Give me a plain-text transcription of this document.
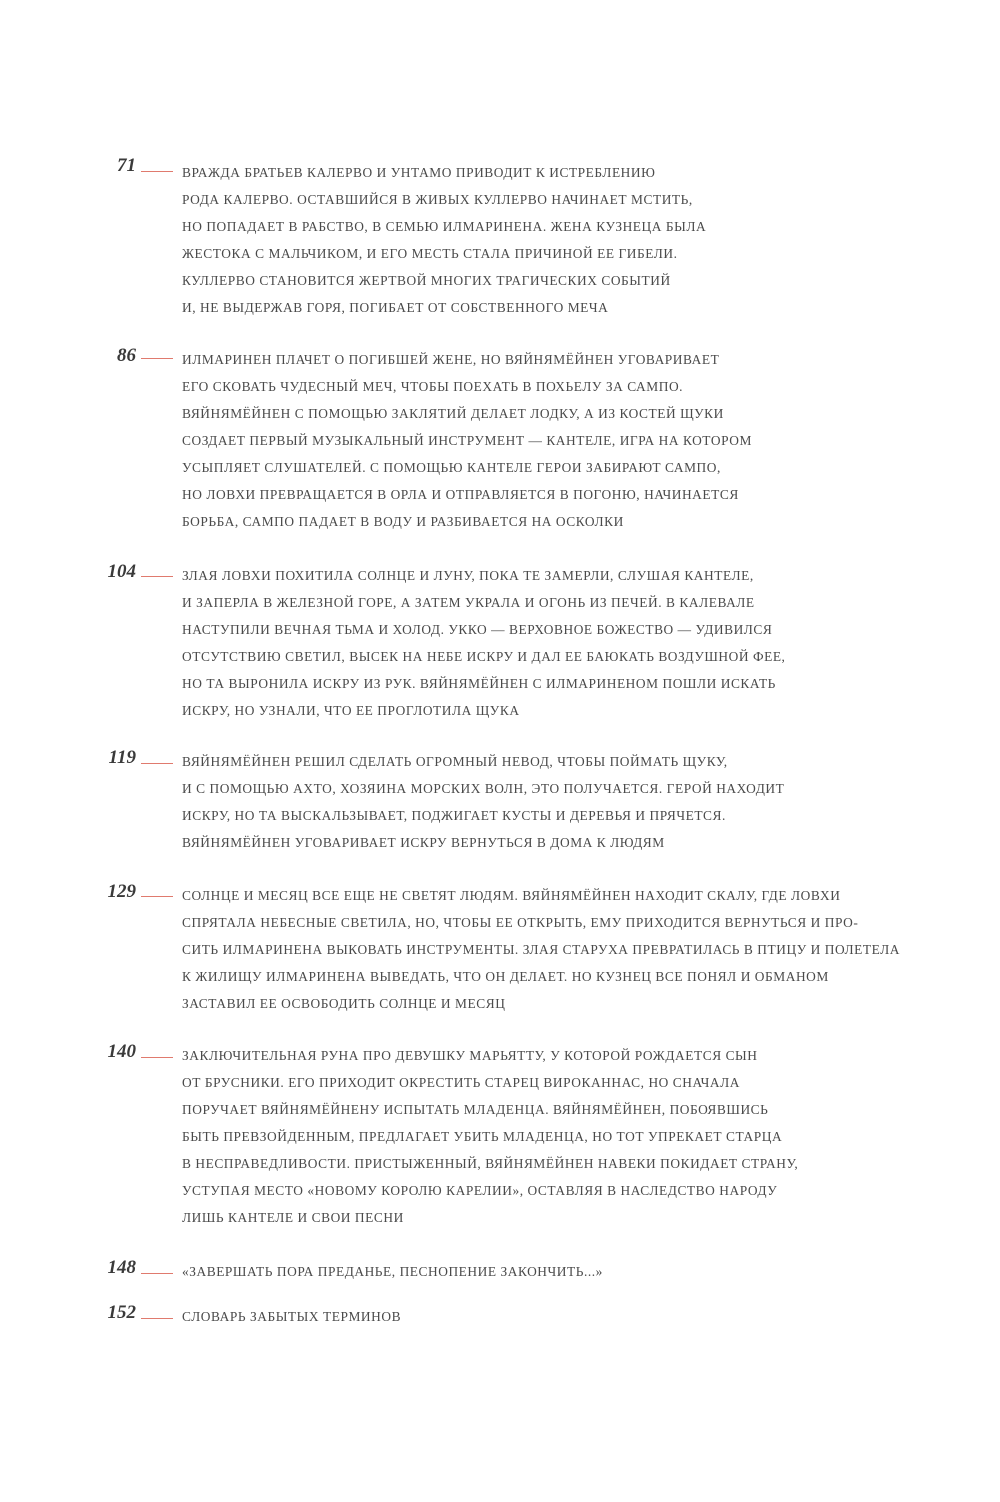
71	ВРАЖДА БРАТЬЕВ КАЛЕРВО И УНТАМО ПРИВОДИТ К ИСТРЕБЛЕНИЮ
РОДА КАЛЕРВО. ОСТАВШИЙСЯ В ЖИВЫХ КУЛЛЕРВО НАЧИНАЕТ МСТИТЬ,
НО ПОПАДАЕТ В РАБСТВО, В СЕМЬЮ ИЛМАРИНЕНА. ЖЕНА КУЗНЕЦА БЫЛА
ЖЕСТОКА С МАЛЬЧИКОМ, И ЕГО МЕСТЬ СТАЛА ПРИЧИНОЙ ЕЕ ГИБЕЛИ.
КУЛЛЕРВО СТАНОВИТСЯ ЖЕРТВОЙ МНОГИХ ТРАГИЧЕСКИХ СОБЫТИЙ
И, НЕ ВЫДЕРЖАВ ГОРЯ, ПОГИБАЕТ ОТ СОБСТВЕННОГО МЕЧА
86	ИЛМАРИНЕН ПЛАЧЕТ О ПОГИБШЕЙ ЖЕНЕ, НО ВЯЙНЯМЁЙНЕН УГОВАРИВАЕТ
ЕГО СКОВАТЬ ЧУДЕСНЫЙ МЕЧ, ЧТОБЫ ПОЕХАТЬ В ПОХЬЕЛУ ЗА САМПО.
ВЯЙНЯМЁЙНЕН С ПОМОЩЬЮ ЗАКЛЯТИЙ ДЕЛАЕТ ЛОДКУ, А ИЗ КОСТЕЙ ЩУКИ
СОЗДАЕТ ПЕРВЫЙ МУЗЫКАЛЬНЫЙ ИНСТРУМЕНТ — КАНТЕЛЕ, ИГРА НА КОТОРОМ
УСЫПЛЯЕТ СЛУШАТЕЛЕЙ. С ПОМОЩЬЮ КАНТЕЛЕ ГЕРОИ ЗАБИРАЮТ САМПО,
НО ЛОВХИ ПРЕВРАЩАЕТСЯ В ОРЛА И ОТПРАВЛЯЕТСЯ В ПОГОНЮ, НАЧИНАЕТСЯ
БОРЬБА, САМПО ПАДАЕТ В ВОДУ И РАЗБИВАЕТСЯ НА ОСКОЛКИ
104	ЗЛАЯ ЛОВХИ ПОХИТИЛА СОЛНЦЕ И ЛУНУ, ПОКА ТЕ ЗАМЕРЛИ, СЛУШАЯ КАНТЕЛЕ,
И ЗАПЕРЛА В ЖЕЛЕЗНОЙ ГОРЕ, А ЗАТЕМ УКРАЛА И ОГОНЬ ИЗ ПЕЧЕЙ. В КАЛЕВАЛЕ
НАСТУПИЛИ ВЕЧНАЯ ТЬМА И ХОЛОД. УККО — ВЕРХОВНОЕ БОЖЕСТВО — УДИВИЛСЯ
ОТСУТСТВИЮ СВЕТИЛ, ВЫСЕК НА НЕБЕ ИСКРУ И ДАЛ ЕЕ БАЮКАТЬ ВОЗДУШНОЙ ФЕЕ,
НО ТА ВЫРОНИЛА ИСКРУ ИЗ РУК. ВЯЙНЯМЁЙНЕН С ИЛМАРИНЕНОМ ПОШЛИ ИСКАТЬ
ИСКРУ, НО УЗНАЛИ, ЧТО ЕЕ ПРОГЛОТИЛА ЩУКА
119	ВЯЙНЯМЁЙНЕН РЕШИЛ СДЕЛАТЬ ОГРОМНЫЙ НЕВОД, ЧТОБЫ ПОЙМАТЬ ЩУКУ,
И С ПОМОЩЬЮ АХТО, ХОЗЯИНА МОРСКИХ ВОЛН, ЭТО ПОЛУЧАЕТСЯ. ГЕРОЙ НАХОДИТ
ИСКРУ, НО ТА ВЫСКАЛЬЗЫВАЕТ, ПОДЖИГАЕТ КУСТЫ И ДЕРЕВЬЯ И ПРЯЧЕТСЯ.
ВЯЙНЯМЁЙНЕН УГОВАРИВАЕТ ИСКРУ ВЕРНУТЬСЯ В ДОМА К ЛЮДЯМ
129	СОЛНЦЕ И МЕСЯЦ ВСЕ ЕЩЕ НЕ СВЕТЯТ ЛЮДЯМ. ВЯЙНЯМЁЙНЕН НАХОДИТ СКАЛУ, ГДЕ ЛОВХИ
СПРЯТАЛА НЕБЕСНЫЕ СВЕТИЛА, НО, ЧТОБЫ ЕЕ ОТКРЫТЬ, ЕМУ ПРИХОДИТСЯ ВЕРНУТЬСЯ И ПРО-
СИТЬ ИЛМАРИНЕНА ВЫКОВАТЬ ИНСТРУМЕНТЫ. ЗЛАЯ СТАРУХА ПРЕВРАТИЛАСЬ В ПТИЦУ И ПОЛЕТЕЛА
К ЖИЛИЩУ ИЛМАРИНЕНА ВЫВЕДАТЬ, ЧТО ОН ДЕЛАЕТ. НО КУЗНЕЦ ВСЕ ПОНЯЛ И ОБМАНОМ
ЗАСТАВИЛ ЕЕ ОСВОБОДИТЬ СОЛНЦЕ И МЕСЯЦ
140	ЗАКЛЮЧИТЕЛЬНАЯ РУНА ПРО ДЕВУШКУ МАРЬЯТТУ, У КОТОРОЙ РОЖДАЕТСЯ СЫН
ОТ БРУСНИКИ. ЕГО ПРИХОДИТ ОКРЕСТИТЬ СТАРЕЦ ВИРОКАННАС, НО СНАЧАЛА
ПОРУЧАЕТ ВЯЙНЯМЁЙНЕНУ ИСПЫТАТЬ МЛАДЕНЦА. ВЯЙНЯМЁЙНЕН, ПОБОЯВШИСЬ
БЫТЬ ПРЕВЗОЙДЕННЫМ, ПРЕДЛАГАЕТ УБИТЬ МЛАДЕНЦА, НО ТОТ УПРЕКАЕТ СТАРЦА
В НЕСПРАВЕДЛИВОСТИ. ПРИСТЫЖЕННЫЙ, ВЯЙНЯМЁЙНЕН НАВЕКИ ПОКИДАЕТ СТРАНУ,
УСТУПАЯ МЕСТО «НОВОМУ КОРОЛЮ КАРЕЛИИ», ОСТАВЛЯЯ В НАСЛЕДСТВО НАРОДУ
ЛИШЬ КАНТЕЛЕ И СВОИ ПЕСНИ
148	«ЗАВЕРШАТЬ ПОРА ПРЕДАНЬЕ, ПЕСНОПЕНИЕ ЗАКОНЧИТЬ...»
152	СЛОВАРЬ ЗАБЫТЫХ ТЕРМИНОВ
